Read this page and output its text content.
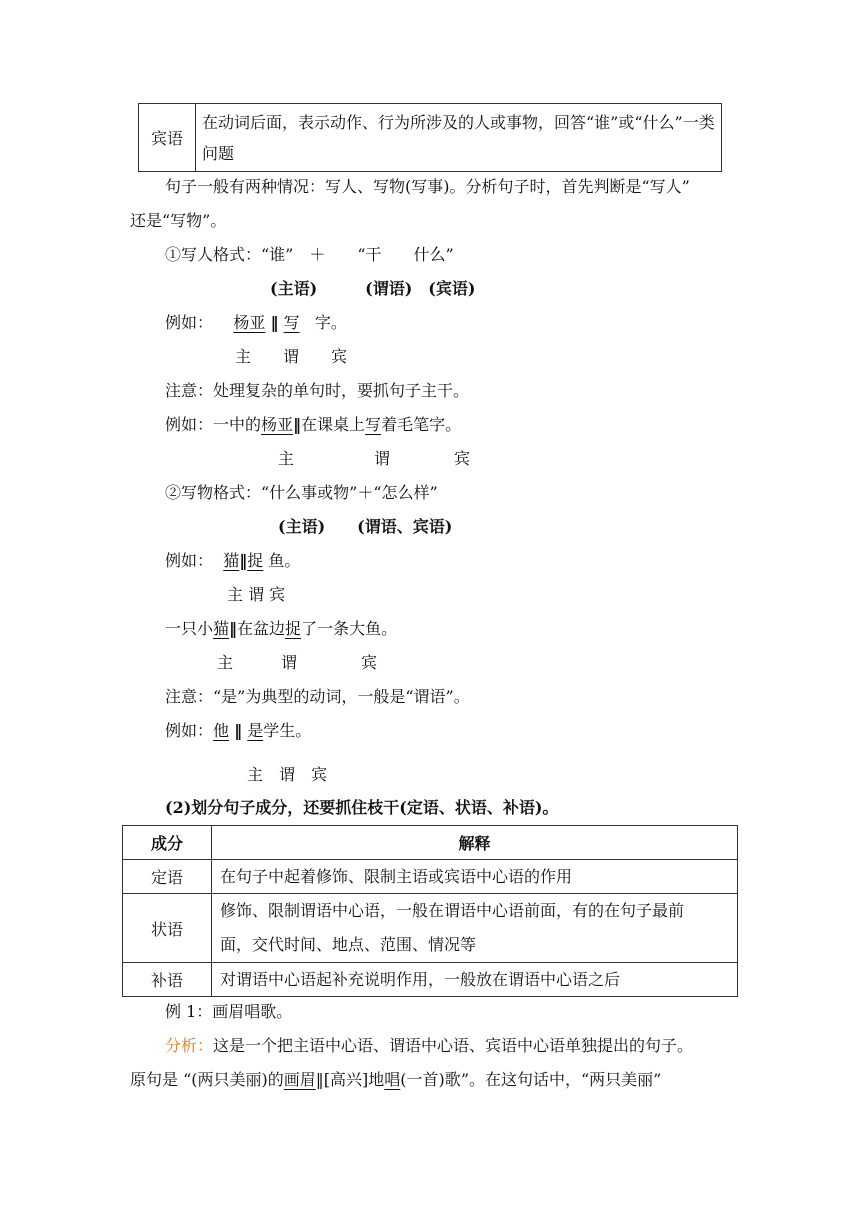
宾语	在动词后面，表示动作、行为所涉及的人或事物，回答“谁”或“什么”一类问题
句子一般有两种情况：写人、写物(写事)。分析句子时，首先判断是“写人”
还是“写物”。
①写人格式：“谁”　＋　　“干　　什么”
(主语)　　　(谓语)　(宾语)
例如： 杨亚 ‖ 写 字。
主　　谓　　宾
注意：处理复杂的单句时，要抓句子主干。
例如：一中的杨亚‖在课桌上写着毛笔字。
主　　　　　谓　　　　宾
②写物格式：“什么事或物”＋“怎么样”
(主语)　　(谓语、宾语)
例如： 猫‖捉 鱼。
主 谓 宾
一只小猫‖在盆边捉了一条大鱼。
主　　　谓　　　　宾
注意：“是”为典型的动词，一般是“谓语”。
例如：他 ‖ 是学生。
主　谓　宾
(2)划分句子成分，还要抓住枝干(定语、状语、补语)。
成分	解释
定语	在句子中起着修饰、限制主语或宾语中心语的作用
状语	修饰、限制谓语中心语，一般在谓语中心语前面，有的在句子最前
面，交代时间、地点、范围、情况等

补语	对谓语中心语起补充说明作用，一般放在谓语中心语之后
例 1：画眉唱歌。
分析：这是一个把主语中心语、谓语中心语、宾语中心语单独提出的句子。
原句是 “(两只美丽)的画眉‖[高兴]地唱(一首)歌”。在这句话中，“两只美丽”
